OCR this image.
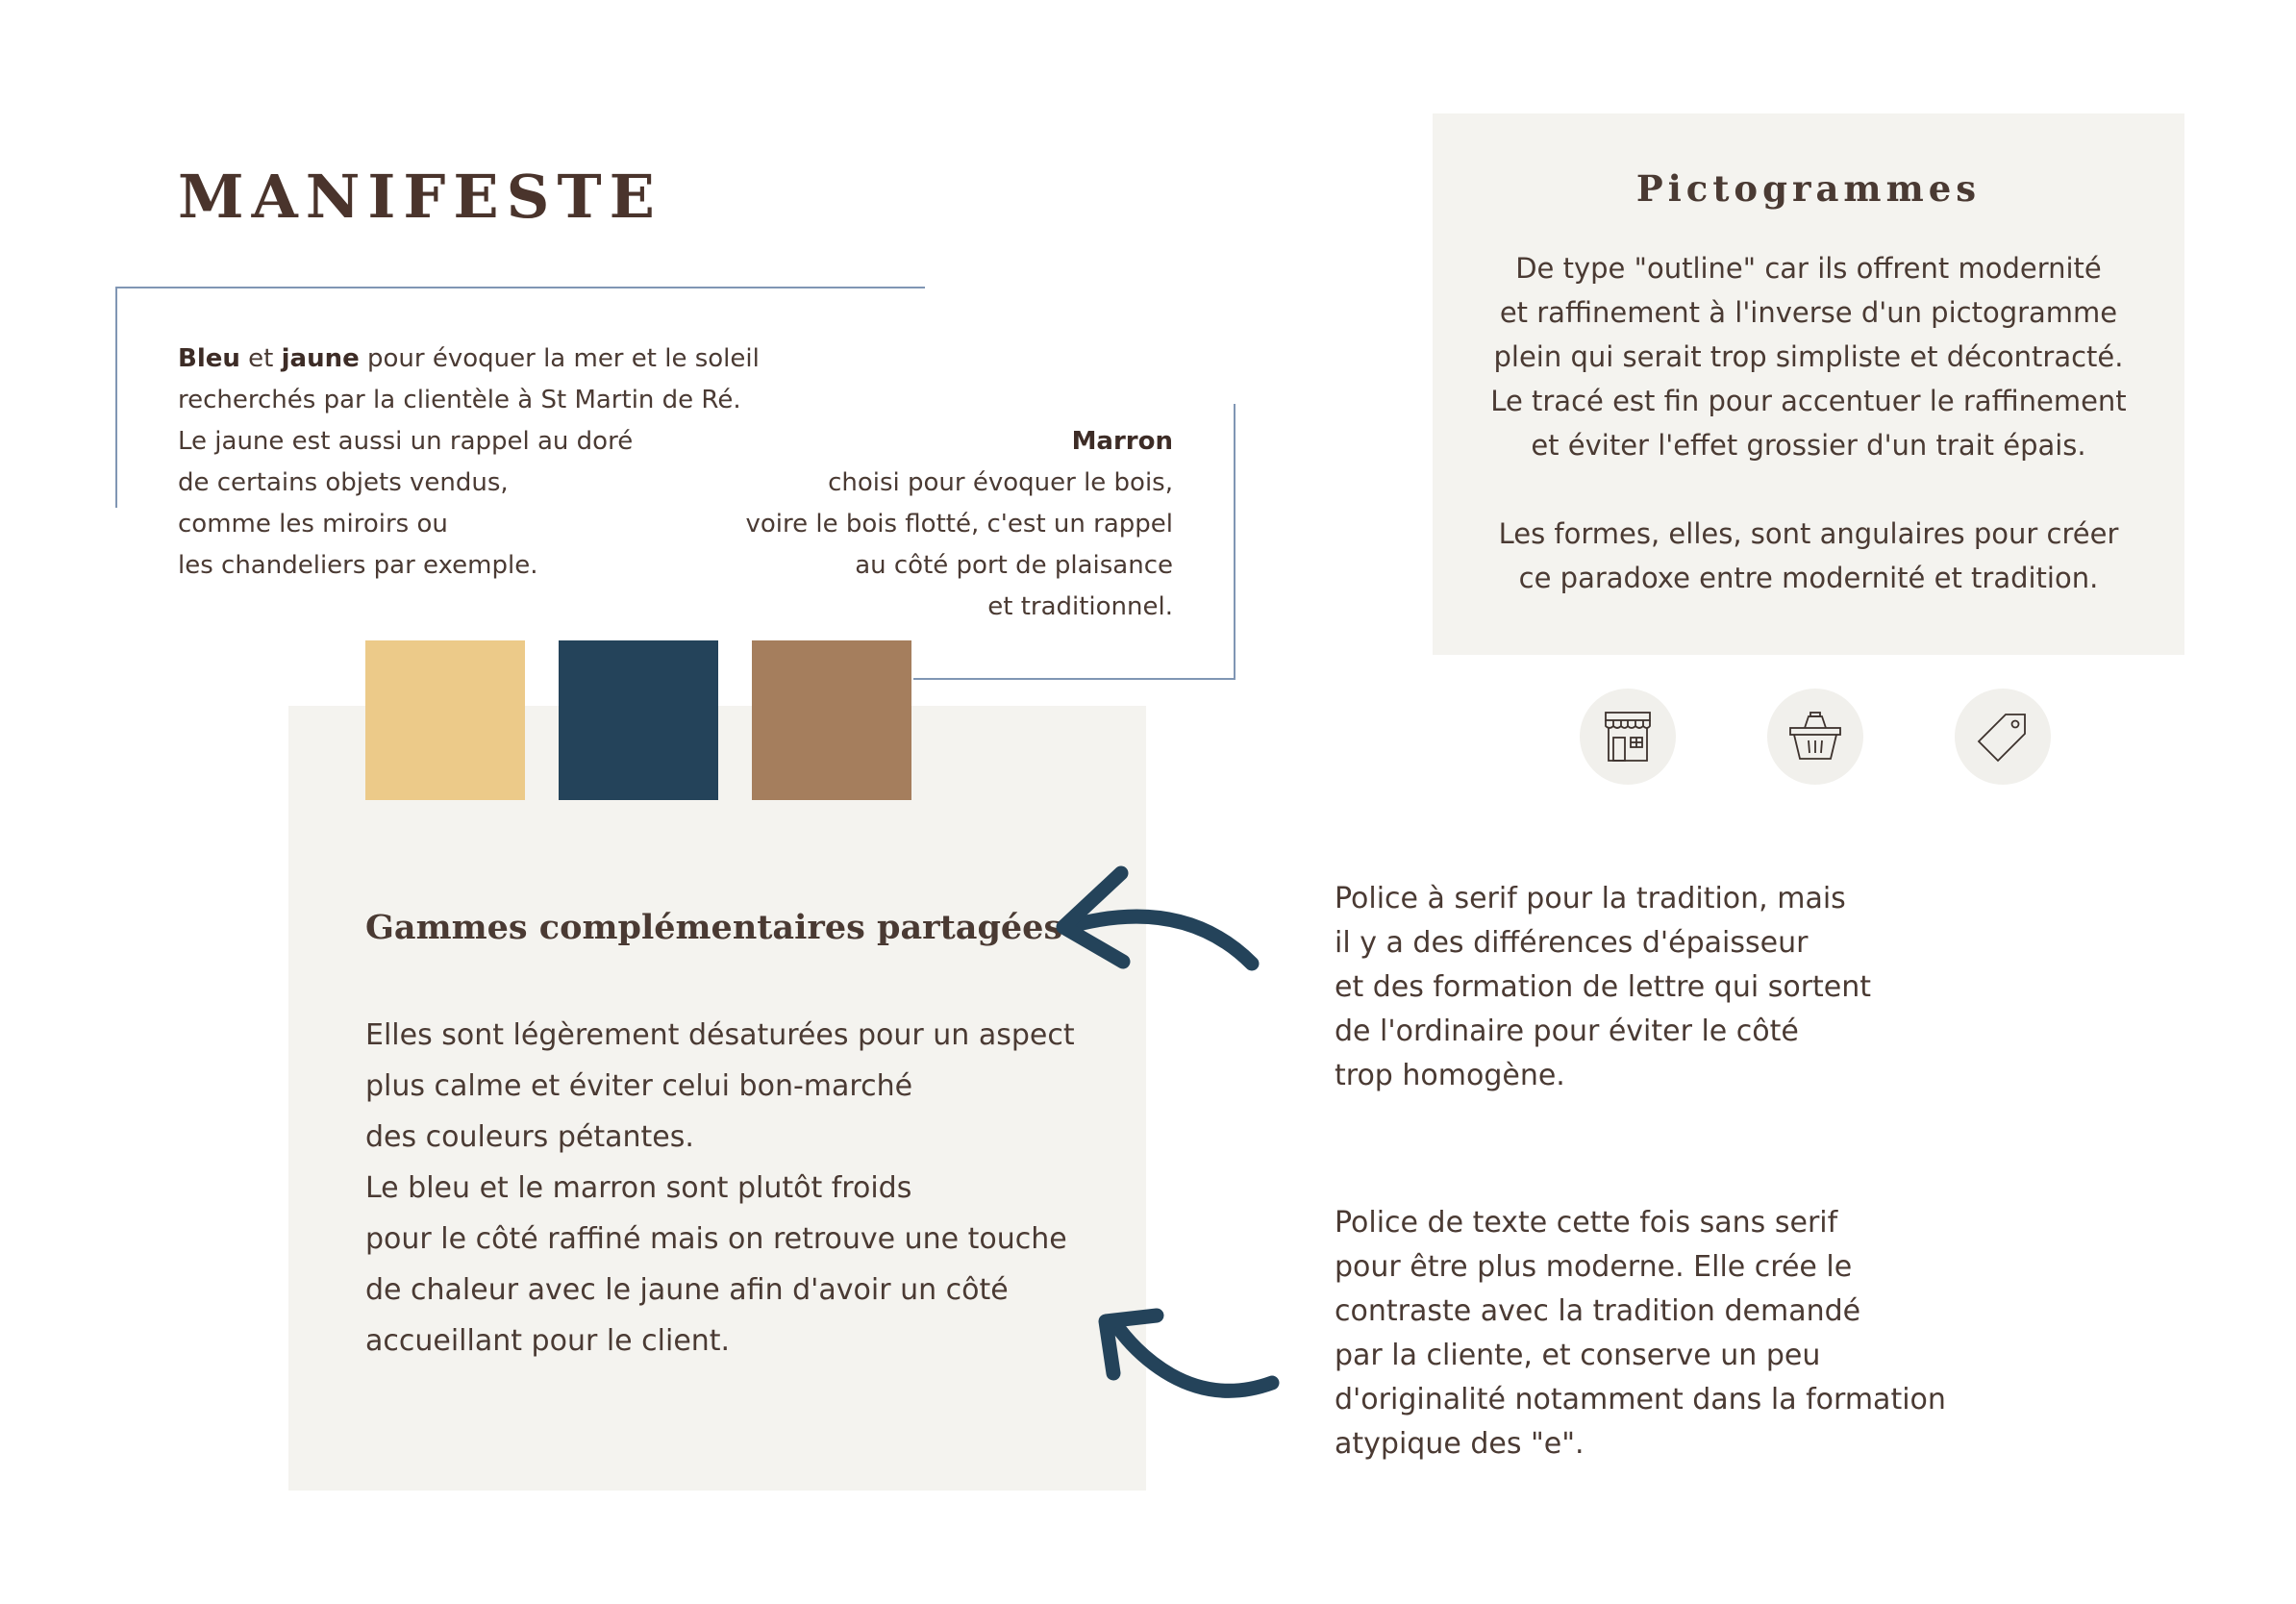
MANIFESTE
Bleu et jaune pour évoquer la mer et le soleil
recherchés par la clientèle à St Martin de Ré.
Le jaune est aussi un rappel au doré
de certains objets vendus,
comme les miroirs ou
les chandeliers par exemple.
Marron
choisi pour évoquer le bois,
voire le bois flotté, c'est un rappel
au côté port de plaisance
et traditionnel.
Gammes complémentaires partagées
Elles sont légèrement désaturées pour un aspect
plus calme et éviter celui bon-marché
des couleurs pétantes.
Le bleu et le marron sont plutôt froids
pour le côté raffiné mais on retrouve une touche
de chaleur avec le jaune afin d'avoir un côté
accueillant pour le client.
Pictogrammes
De type "outline" car ils offrent modernité
et raffinement à l'inverse d'un pictogramme
plein qui serait trop simpliste et décontracté.
Le tracé est fin pour accentuer le raffinement
et éviter l'effet grossier d'un trait épais.
Les formes, elles, sont angulaires pour créer
ce paradoxe entre modernité et tradition.
Police à serif pour la tradition, mais
il y a des différences d'épaisseur
et des formation de lettre qui sortent
de l'ordinaire pour éviter le côté
trop homogène.
Police de texte cette fois sans serif
pour être plus moderne. Elle crée le
contraste avec la tradition demandé
par la cliente, et conserve un peu
d'originalité notamment dans la formation
atypique des "e".
